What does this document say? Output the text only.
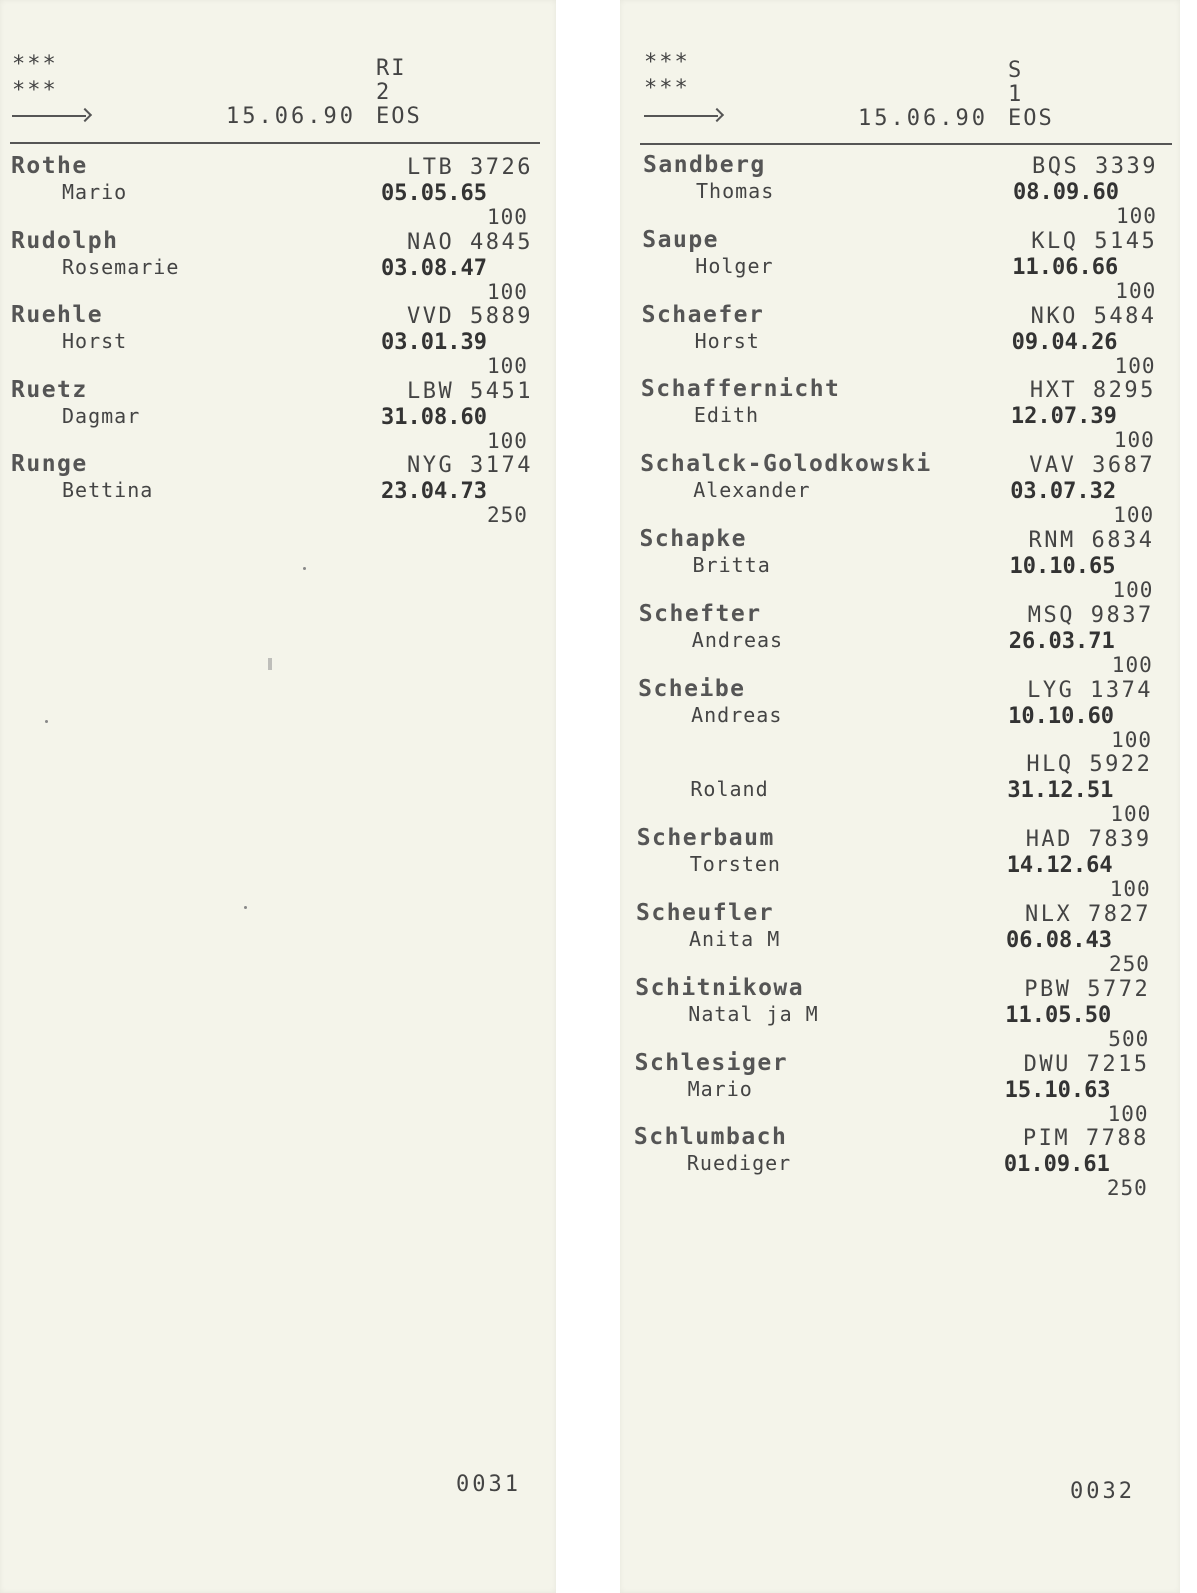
***
***
15.06.90
RI
2
EOS
Rothe
Mario
LTB 3726
05.05.65
100
Rudolph
Rosemarie
NAO 4845
03.08.47
100
Ruehle
Horst
VVD 5889
03.01.39
100
Ruetz
Dagmar
LBW 5451
31.08.60
100
Runge
Bettina
NYG 3174
23.04.73
250
0031
***
***
15.06.90
S
1
EOS
Sandberg
Thomas
BQS 3339
08.09.60
100
Saupe
Holger
KLQ 5145
11.06.66
100
Schaefer
Horst
NKO 5484
09.04.26
100
Schaffernicht
Edith
HXT 8295
12.07.39
100
Schalck-Golodkowski
Alexander
VAV 3687
03.07.32
100
Schapke
Britta
RNM 6834
10.10.65
100
Schefter
Andreas
MSQ 9837
26.03.71
100
Scheibe
Andreas
LYG 1374
10.10.60
100
Roland
HLQ 5922
31.12.51
100
Scherbaum
Torsten
HAD 7839
14.12.64
100
Scheufler
Anita M
NLX 7827
06.08.43
250
Schitnikowa
Natal ja M
PBW 5772
11.05.50
500
Schlesiger
Mario
DWU 7215
15.10.63
100
Schlumbach
Ruediger
PIM 7788
01.09.61
250
0032
